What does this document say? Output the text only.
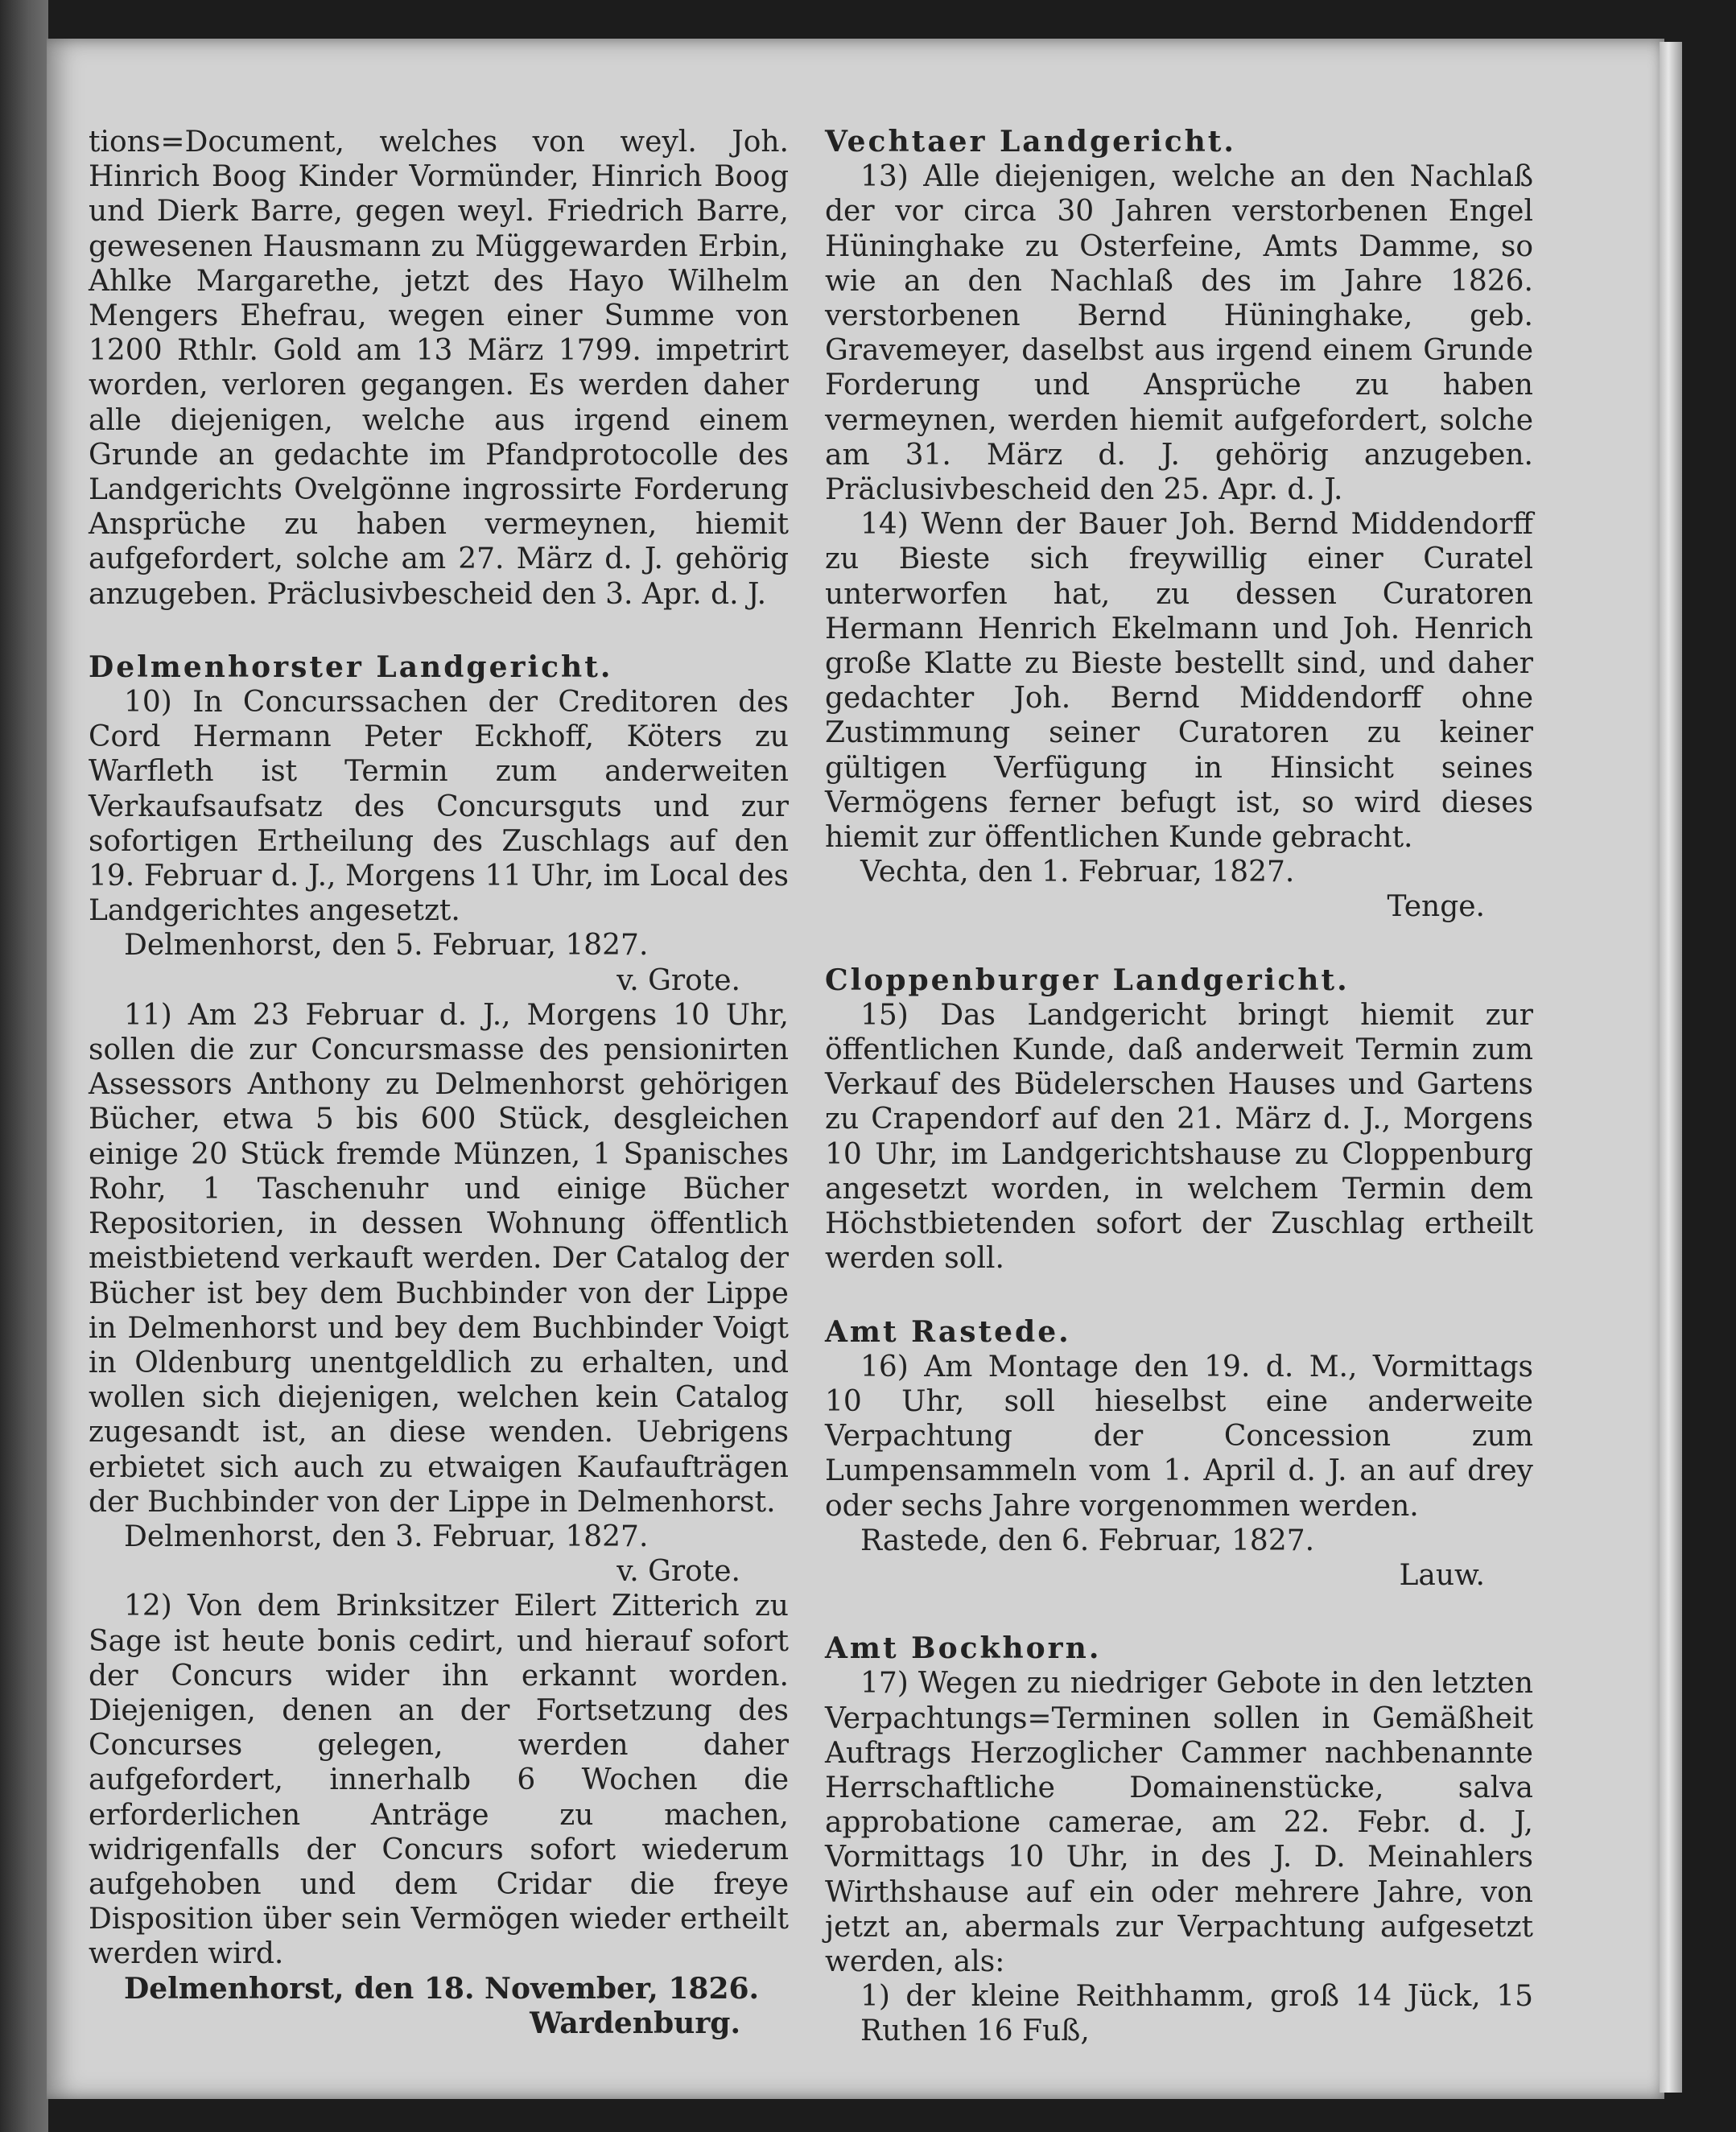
tions=Document, welches von weyl. Joh. Hinrich Boog Kinder Vormünder, Hinrich Boog und Dierk Barre, gegen weyl. Friedrich Barre, gewesenen Hausmann zu Müggewarden Erbin, Ahlke Margarethe, jetzt des Hayo Wilhelm Mengers Ehefrau, wegen einer Summe von 1200 Rthlr. Gold am 13 März 1799. impetrirt worden, verloren gegangen. Es werden daher alle diejenigen, welche aus irgend einem Grunde an gedachte im Pfandprotocolle des Landgerichts Ovelgönne ingrossirte Forderung Ansprüche zu haben vermeynen, hiemit aufgefordert, solche am 27. März d. J. gehörig anzugeben. Präclusivbescheid den 3. Apr. d. J.

Delmenhorster Landgericht.

10) In Concurssachen der Creditoren des Cord Hermann Peter Eckhoff, Köters zu Warfleth ist Termin zum anderweiten Verkaufsaufsatz des Concursguts und zur sofortigen Ertheilung des Zuschlags auf den 19. Februar d. J., Morgens 11 Uhr, im Local des Landgerichtes angesetzt.

Delmenhorst, den 5. Februar, 1827.

v. Grote.

11) Am 23 Februar d. J., Morgens 10 Uhr, sollen die zur Concursmasse des pensionirten Assessors Anthony zu Delmenhorst gehörigen Bücher, etwa 5 bis 600 Stück, desgleichen einige 20 Stück fremde Münzen, 1 Spanisches Rohr, 1 Taschenuhr und einige Bücher Repositorien, in dessen Wohnung öffentlich meistbietend verkauft werden. Der Catalog der Bücher ist bey dem Buchbinder von der Lippe in Delmenhorst und bey dem Buchbinder Voigt in Oldenburg unentgeldlich zu erhalten, und wollen sich diejenigen, welchen kein Catalog zugesandt ist, an diese wenden. Uebrigens erbietet sich auch zu etwaigen Kaufaufträgen der Buchbinder von der Lippe in Delmenhorst.

Delmenhorst, den 3. Februar, 1827.

v. Grote.

12) Von dem Brinksitzer Eilert Zitterich zu Sage ist heute bonis cedirt, und hierauf sofort der Concurs wider ihn erkannt worden. Diejenigen, denen an der Fortsetzung des Concurses gelegen, werden daher aufgefordert, innerhalb 6 Wochen die erforderlichen Anträge zu machen, widrigenfalls der Concurs sofort wiederum aufgehoben und dem Cridar die freye Disposition über sein Vermögen wieder ertheilt werden wird.

Delmenhorst, den 18. November, 1826.

Wardenburg.

Vechtaer Landgericht.

13) Alle diejenigen, welche an den Nachlaß der vor circa 30 Jahren verstorbenen Engel Hüninghake zu Osterfeine, Amts Damme, so wie an den Nachlaß des im Jahre 1826. verstorbenen Bernd Hüninghake, geb. Gravemeyer, daselbst aus irgend einem Grunde Forderung und Ansprüche zu haben vermeynen, werden hiemit aufgefordert, solche am 31. März d. J. gehörig anzugeben. Präclusivbescheid den 25. Apr. d. J.

14) Wenn der Bauer Joh. Bernd Middendorff zu Bieste sich freywillig einer Curatel unterworfen hat, zu dessen Curatoren Hermann Henrich Ekelmann und Joh. Henrich große Klatte zu Bieste bestellt sind, und daher gedachter Joh. Bernd Middendorff ohne Zustimmung seiner Curatoren zu keiner gültigen Verfügung in Hinsicht seines Vermögens ferner befugt ist, so wird dieses hiemit zur öffentlichen Kunde gebracht.

Vechta, den 1. Februar, 1827.

Tenge.

Cloppenburger Landgericht.

15) Das Landgericht bringt hiemit zur öffentlichen Kunde, daß anderweit Termin zum Verkauf des Büdelerschen Hauses und Gartens zu Crapendorf auf den 21. März d. J., Morgens 10 Uhr, im Landgerichtshause zu Cloppenburg angesetzt worden, in welchem Termin dem Höchstbietenden sofort der Zuschlag ertheilt werden soll.

Amt Rastede.

16) Am Montage den 19. d. M., Vormittags 10 Uhr, soll hieselbst eine anderweite Verpachtung der Concession zum Lumpensammeln vom 1. April d. J. an auf drey oder sechs Jahre vorgenommen werden.

Rastede, den 6. Februar, 1827.

Lauw.

Amt Bockhorn.

17) Wegen zu niedriger Gebote in den letzten Verpachtungs=Terminen sollen in Gemäßheit Auftrags Herzoglicher Cammer nachbenannte Herrschaftliche Domainenstücke, salva approbatione camerae, am 22. Febr. d. J, Vormittags 10 Uhr, in des J. D. Meinahlers Wirthshause auf ein oder mehrere Jahre, von jetzt an, abermals zur Verpachtung aufgesetzt werden, als:

1) der kleine Reithhamm, groß 14 Jück, 15 Ruthen 16 Fuß,
